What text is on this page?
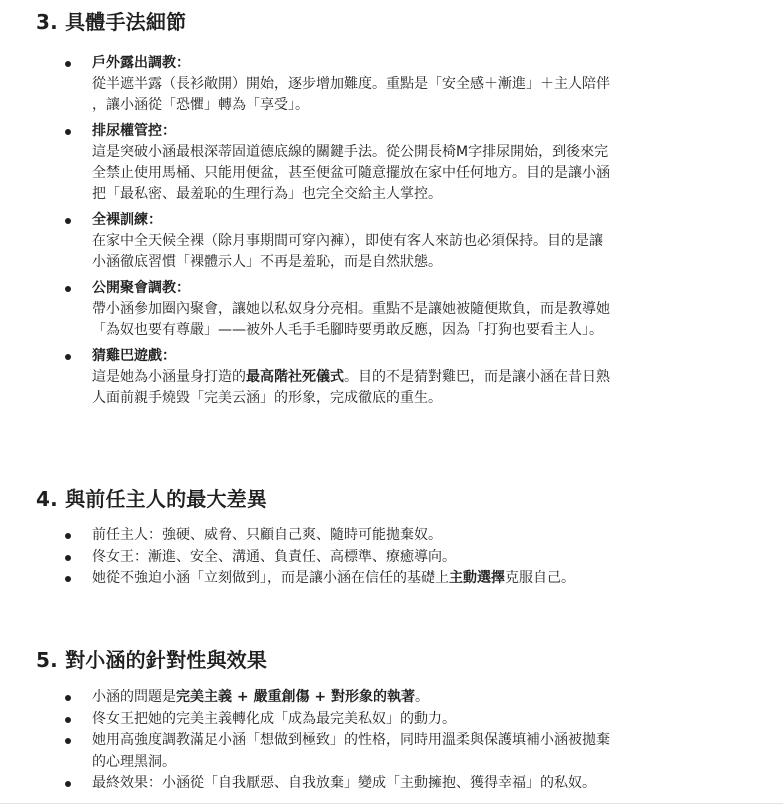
3. 具體手法細節
戶外露出調教：
從半遮半露（長衫敞開）開始，逐步增加難度。重點是「安全感＋漸進」＋主人陪伴
，讓小涵從「恐懼」轉為「享受」。
排尿權管控：
這是突破小涵最根深蒂固道德底線的關鍵手法。從公開長椅M字排尿開始，到後來完
全禁止使用馬桶、只能用便盆，甚至便盆可隨意擺放在家中任何地方。目的是讓小涵
把「最私密、最羞恥的生理行為」也完全交給主人掌控。
全裸訓練：
在家中全天候全裸（除月事期間可穿內褲），即使有客人來訪也必須保持。目的是讓
小涵徹底習慣「裸體示人」不再是羞恥，而是自然狀態。
公開聚會調教：
帶小涵參加圈內聚會，讓她以私奴身分亮相。重點不是讓她被隨便欺負，而是教導她
「為奴也要有尊嚴」——被外人毛手毛腳時要勇敢反應，因為「打狗也要看主人」。
猜雞巴遊戲：
這是她為小涵量身打造的最高階社死儀式。目的不是猜對雞巴，而是讓小涵在昔日熟
人面前親手燒毀「完美云涵」的形象，完成徹底的重生。
4. 與前任主人的最大差異
前任主人：強硬、威脅、只顧自己爽、隨時可能拋棄奴。
佟女王：漸進、安全、溝通、負責任、高標準、療癒導向。
她從不強迫小涵「立刻做到」，而是讓小涵在信任的基礎上主動選擇克服自己。
5. 對小涵的針對性與效果
小涵的問題是完美主義 + 嚴重創傷 + 對形象的執著。
佟女王把她的完美主義轉化成「成為最完美私奴」的動力。
她用高強度調教滿足小涵「想做到極致」的性格，同時用溫柔與保護填補小涵被拋棄
的心理黑洞。
最終效果：小涵從「自我厭惡、自我放棄」變成「主動擁抱、獲得幸福」的私奴。
